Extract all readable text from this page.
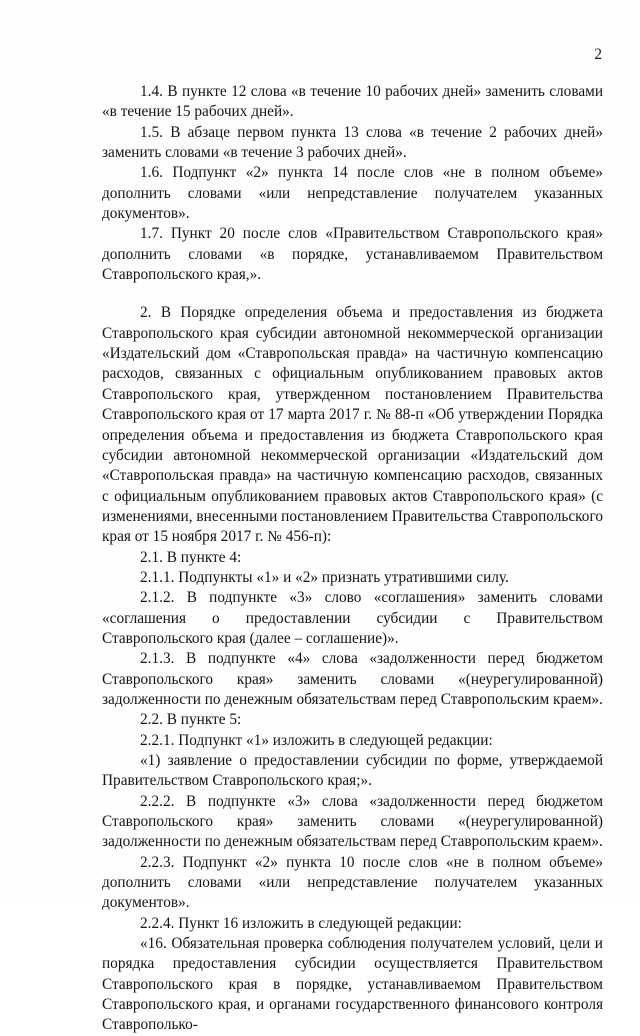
2

1.4. В пункте 12 слова «в течение 10 рабочих дней» заменить словами «в течение 15 рабочих дней».

1.5. В абзаце первом пункта 13 слова «в течение 2 рабочих дней» заменить словами «в течение 3 рабочих дней».

1.6. Подпункт «2» пункта 14 после слов «не в полном объеме» дополнить словами «или непредставление получателем указанных документов».

1.7. Пункт 20 после слов «Правительством Ставропольского края» дополнить словами «в порядке, устанавливаемом Правительством Ставропольского края,».

2. В Порядке определения объема и предоставления из бюджета Ставропольского края субсидии автономной некоммерческой организации «Издательский дом «Ставропольская правда» на частичную компенсацию расходов, связанных с официальным опубликованием правовых актов Ставропольского края, утвержденном постановлением Правительства Ставропольского края от 17 марта 2017 г. № 88-п «Об утверждении Порядка определения объема и предоставления из бюджета Ставропольского края субсидии автономной некоммерческой организации «Издательский дом «Ставропольская правда» на частичную компенсацию расходов, связанных с официальным опубликованием правовых актов Ставропольского края» (с изменениями, внесенными постановлением Правительства Ставропольского края от 15 ноября 2017 г. № 456-п):

2.1. В пункте 4:

2.1.1. Подпункты «1» и «2» признать утратившими силу.

2.1.2. В подпункте «3» слово «соглашения» заменить словами «соглашения о предоставлении субсидии с Правительством Ставропольского края (далее – соглашение)».

2.1.3. В подпункте «4» слова «задолженности перед бюджетом Ставропольского края» заменить словами «(неурегулированной) задолженности по денежным обязательствам перед Ставропольским краем».

2.2. В пункте 5:

2.2.1. Подпункт «1» изложить в следующей редакции:

«1) заявление о предоставлении субсидии по форме, утверждаемой Правительством Ставропольского края;».

2.2.2. В подпункте «3» слова «задолженности перед бюджетом Ставропольского края» заменить словами «(неурегулированной) задолженности по денежным обязательствам перед Ставропольским краем».

2.2.3. Подпункт «2» пункта 10 после слов «не в полном объеме» дополнить словами «или непредставление получателем указанных документов».

2.2.4. Пункт 16 изложить в следующей редакции:

«16. Обязательная проверка соблюдения получателем условий, цели и порядка предоставления субсидии осуществляется Правительством Ставропольского края в порядке, устанавливаемом Правительством Ставропольского края, и органами государственного финансового контроля Ставрополько-
